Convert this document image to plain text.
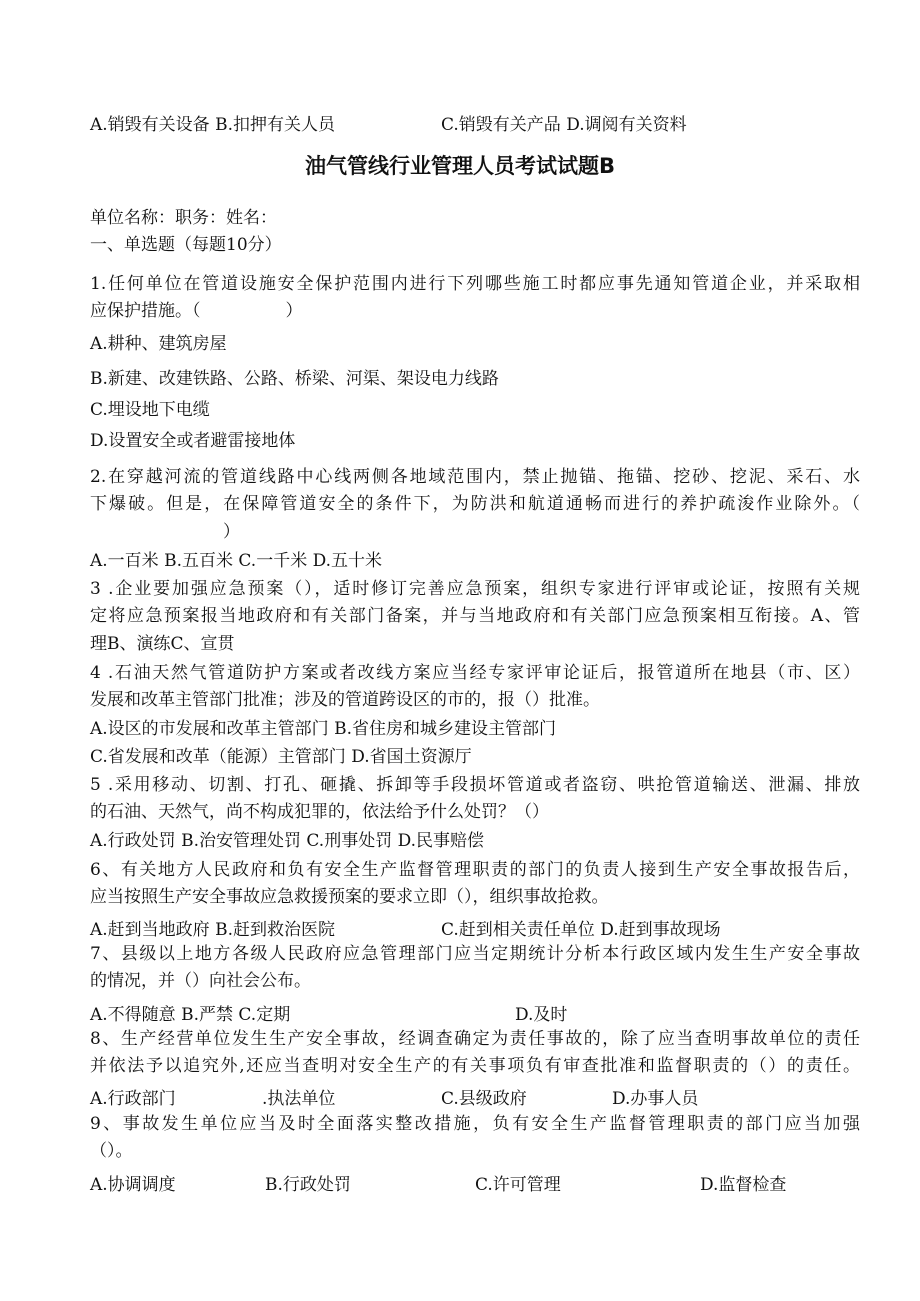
A.销毁有关设备 B.扣押有关人员	C.销毁有关产品 D.调阅有关资料
油气管线行业管理人员考试试题B
单位名称：职务：姓名：
一、单选题（每题10分）
1.任何单位在管道设施安全保护范围内进行下列哪些施工时都应事先通知管道企业，并采取相
应保护措施。（　　　　　）
A.耕种、建筑房屋
B.新建、改建铁路、公路、桥梁、河渠、架设电力线路
C.埋设地下电缆
D.设置安全或者避雷接地体
2.在穿越河流的管道线路中心线两侧各地域范围内，禁止抛锚、拖锚、挖砂、挖泥、采石、水
下爆破。但是，在保障管道安全的条件下，为防洪和航道通畅而进行的养护疏浚作业除外。（
）
A.一百米 B.五百米 C.一千米 D.五十米
3 .企业要加强应急预案（），适时修订完善应急预案，组织专家进行评审或论证，按照有关规
定将应急预案报当地政府和有关部门备案，并与当地政府和有关部门应急预案相互衔接。A、管
理B、演练C、宣贯
4 .石油天然气管道防护方案或者改线方案应当经专家评审论证后，报管道所在地县（市、区）
发展和改革主管部门批准；涉及的管道跨设区的市的，报（）批准。
A.设区的市发展和改革主管部门 B.省住房和城乡建设主管部门
C.省发展和改革（能源）主管部门 D.省国土资源厅
5 .采用移动、切割、打孔、砸撬、拆卸等手段损坏管道或者盗窃、哄抢管道输送、泄漏、排放
的石油、天然气，尚不构成犯罪的，依法给予什么处罚？（）
A.行政处罚 B.治安管理处罚 C.刑事处罚 D.民事赔偿
6、有关地方人民政府和负有安全生产监督管理职责的部门的负责人接到生产安全事故报告后，
应当按照生产安全事故应急救援预案的要求立即（），组织事故抢救。
A.赶到当地政府 B.赶到救治医院	C.赶到相关责任单位 D.赶到事故现场
7、县级以上地方各级人民政府应急管理部门应当定期统计分析本行政区域内发生生产安全事故
的情况，并（）向社会公布。
A.不得随意 B.严禁 C.定期	D.及时
8、生产经营单位发生生产安全事故，经调查确定为责任事故的，除了应当查明事故单位的责任
并依法予以追究外,还应当查明对安全生产的有关事项负有审查批准和监督职责的（）的责任。
A.行政部门	.执法单位	C.县级政府	D.办事人员
9、事故发生单位应当及时全面落实整改措施，负有安全生产监督管理职责的部门应当加强
（）。
A.协调调度	B.行政处罚	C.许可管理	D.监督检查
